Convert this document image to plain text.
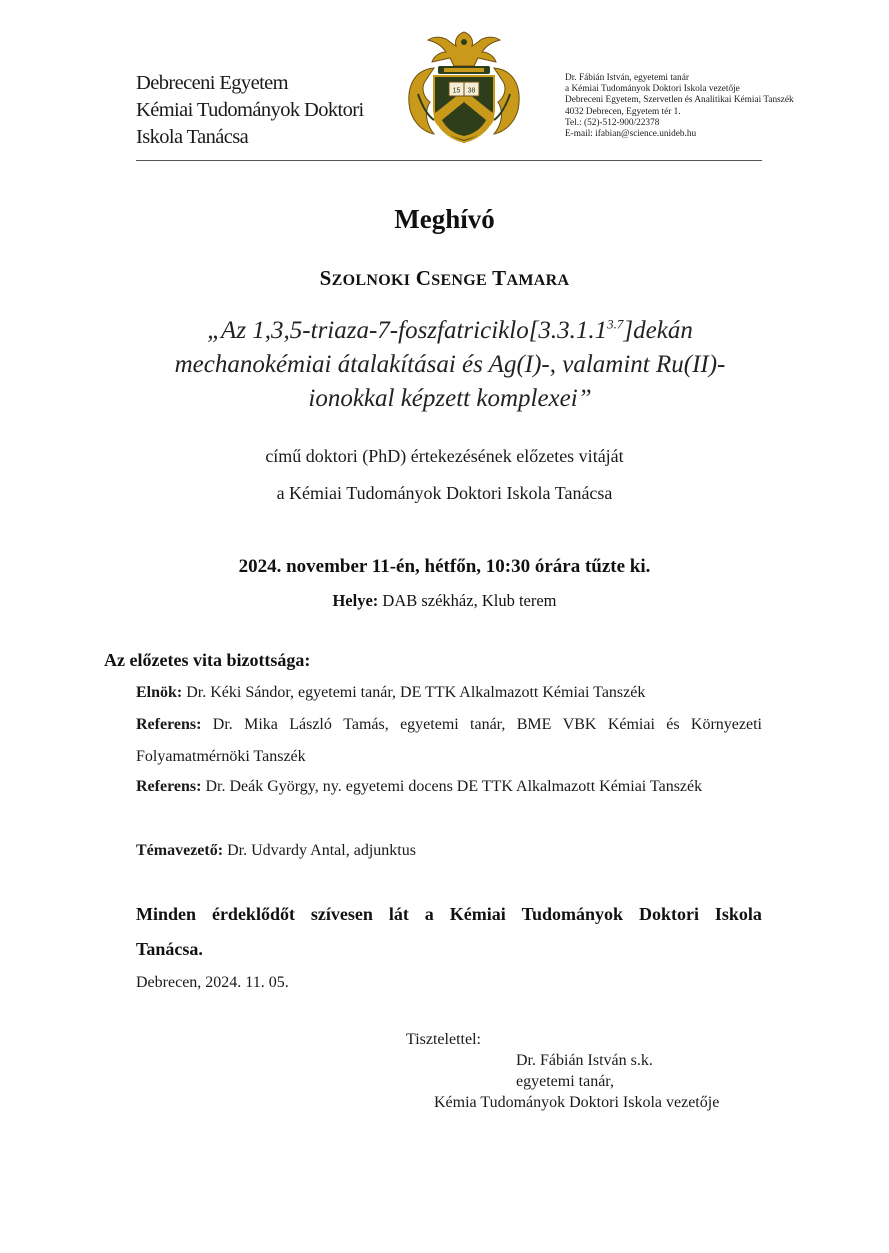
Debreceni Egyetem
Kémiai Tudományok Doktori
Iskola Tanácsa
15 38
Dr. Fábián István, egyetemi tanár
a Kémiai Tudományok Doktori Iskola vezetője
Debreceni Egyetem, Szervetlen és Analitikai Kémiai Tanszék
4032 Debrecen, Egyetem tér 1.
Tel.: (52)-512-900/22378
E-mail: ifabian@science.unideb.hu
Meghívó
SZOLNOKI CSENGE TAMARA
„Az $1,3,5-triaza-7-foszfatriciklo[3.3.1.1^{3.7}]dekán$
mechanokémiai átalakításai és Ag(I)-, valamint Ru(II)-
ionokkal képzett komplexei”
című doktori (PhD) értekezésének előzetes vitáját
a Kémiai Tudományok Doktori Iskola Tanácsa
2024. november 11-én, hétfőn, 10:30 órára tűzte ki.
Helye: DAB székház, Klub terem
Az előzetes vita bizottsága:
Elnök: Dr. Kéki Sándor, egyetemi tanár, DE TTK Alkalmazott Kémiai Tanszék
Referens: Dr. Mika László Tamás, egyetemi tanár, BME VBK Kémiai és Környezeti
Folyamatmérnöki Tanszék
Referens: Dr. Deák György, ny. egyetemi docens DE TTK Alkalmazott Kémiai Tanszék
Témavezető: Dr. Udvardy Antal, adjunktus
Minden érdeklődőt szívesen lát a Kémiai Tudományok Doktori Iskola
Tanácsa.
Debrecen, 2024. 11. 05.
Tisztelettel:
Dr. Fábián István s.k.
egyetemi tanár,
Kémia Tudományok Doktori Iskola vezetője
